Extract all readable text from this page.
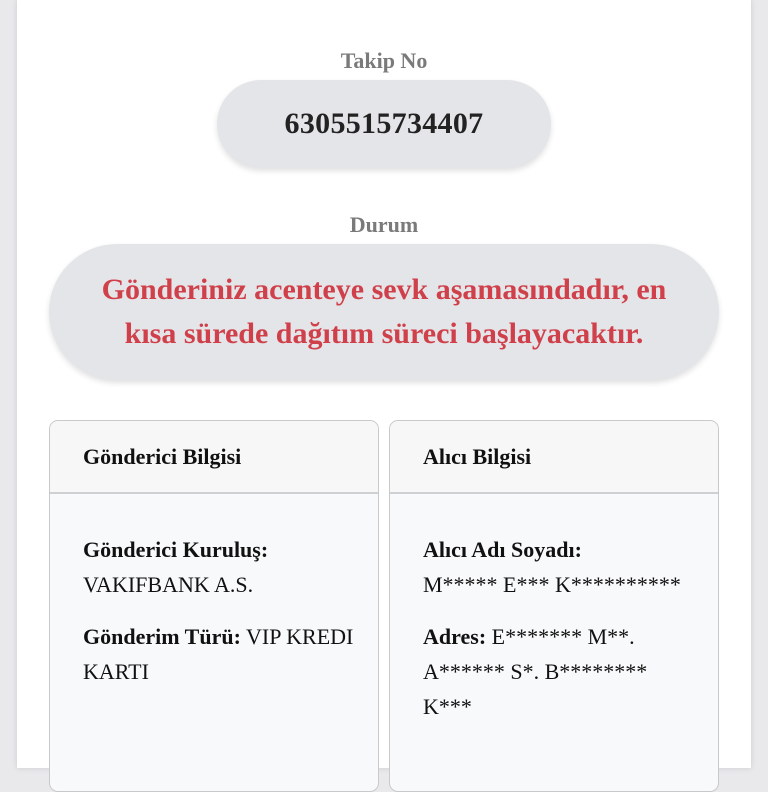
Takip No
6305515734407
Durum
Gönderiniz acenteye sevk aşamasındadır, en kısa sürede dağıtım süreci başlayacaktır.
Gönderici Bilgisi
Gönderici Kuruluş:
VAKIFBANK A.S.
Gönderim Türü: VIP KREDI KARTI
Alıcı Bilgisi
Alıcı Adı Soyadı:
M***** E*** K**********
Adres: E******* M**. A****** S*. B******** K***
